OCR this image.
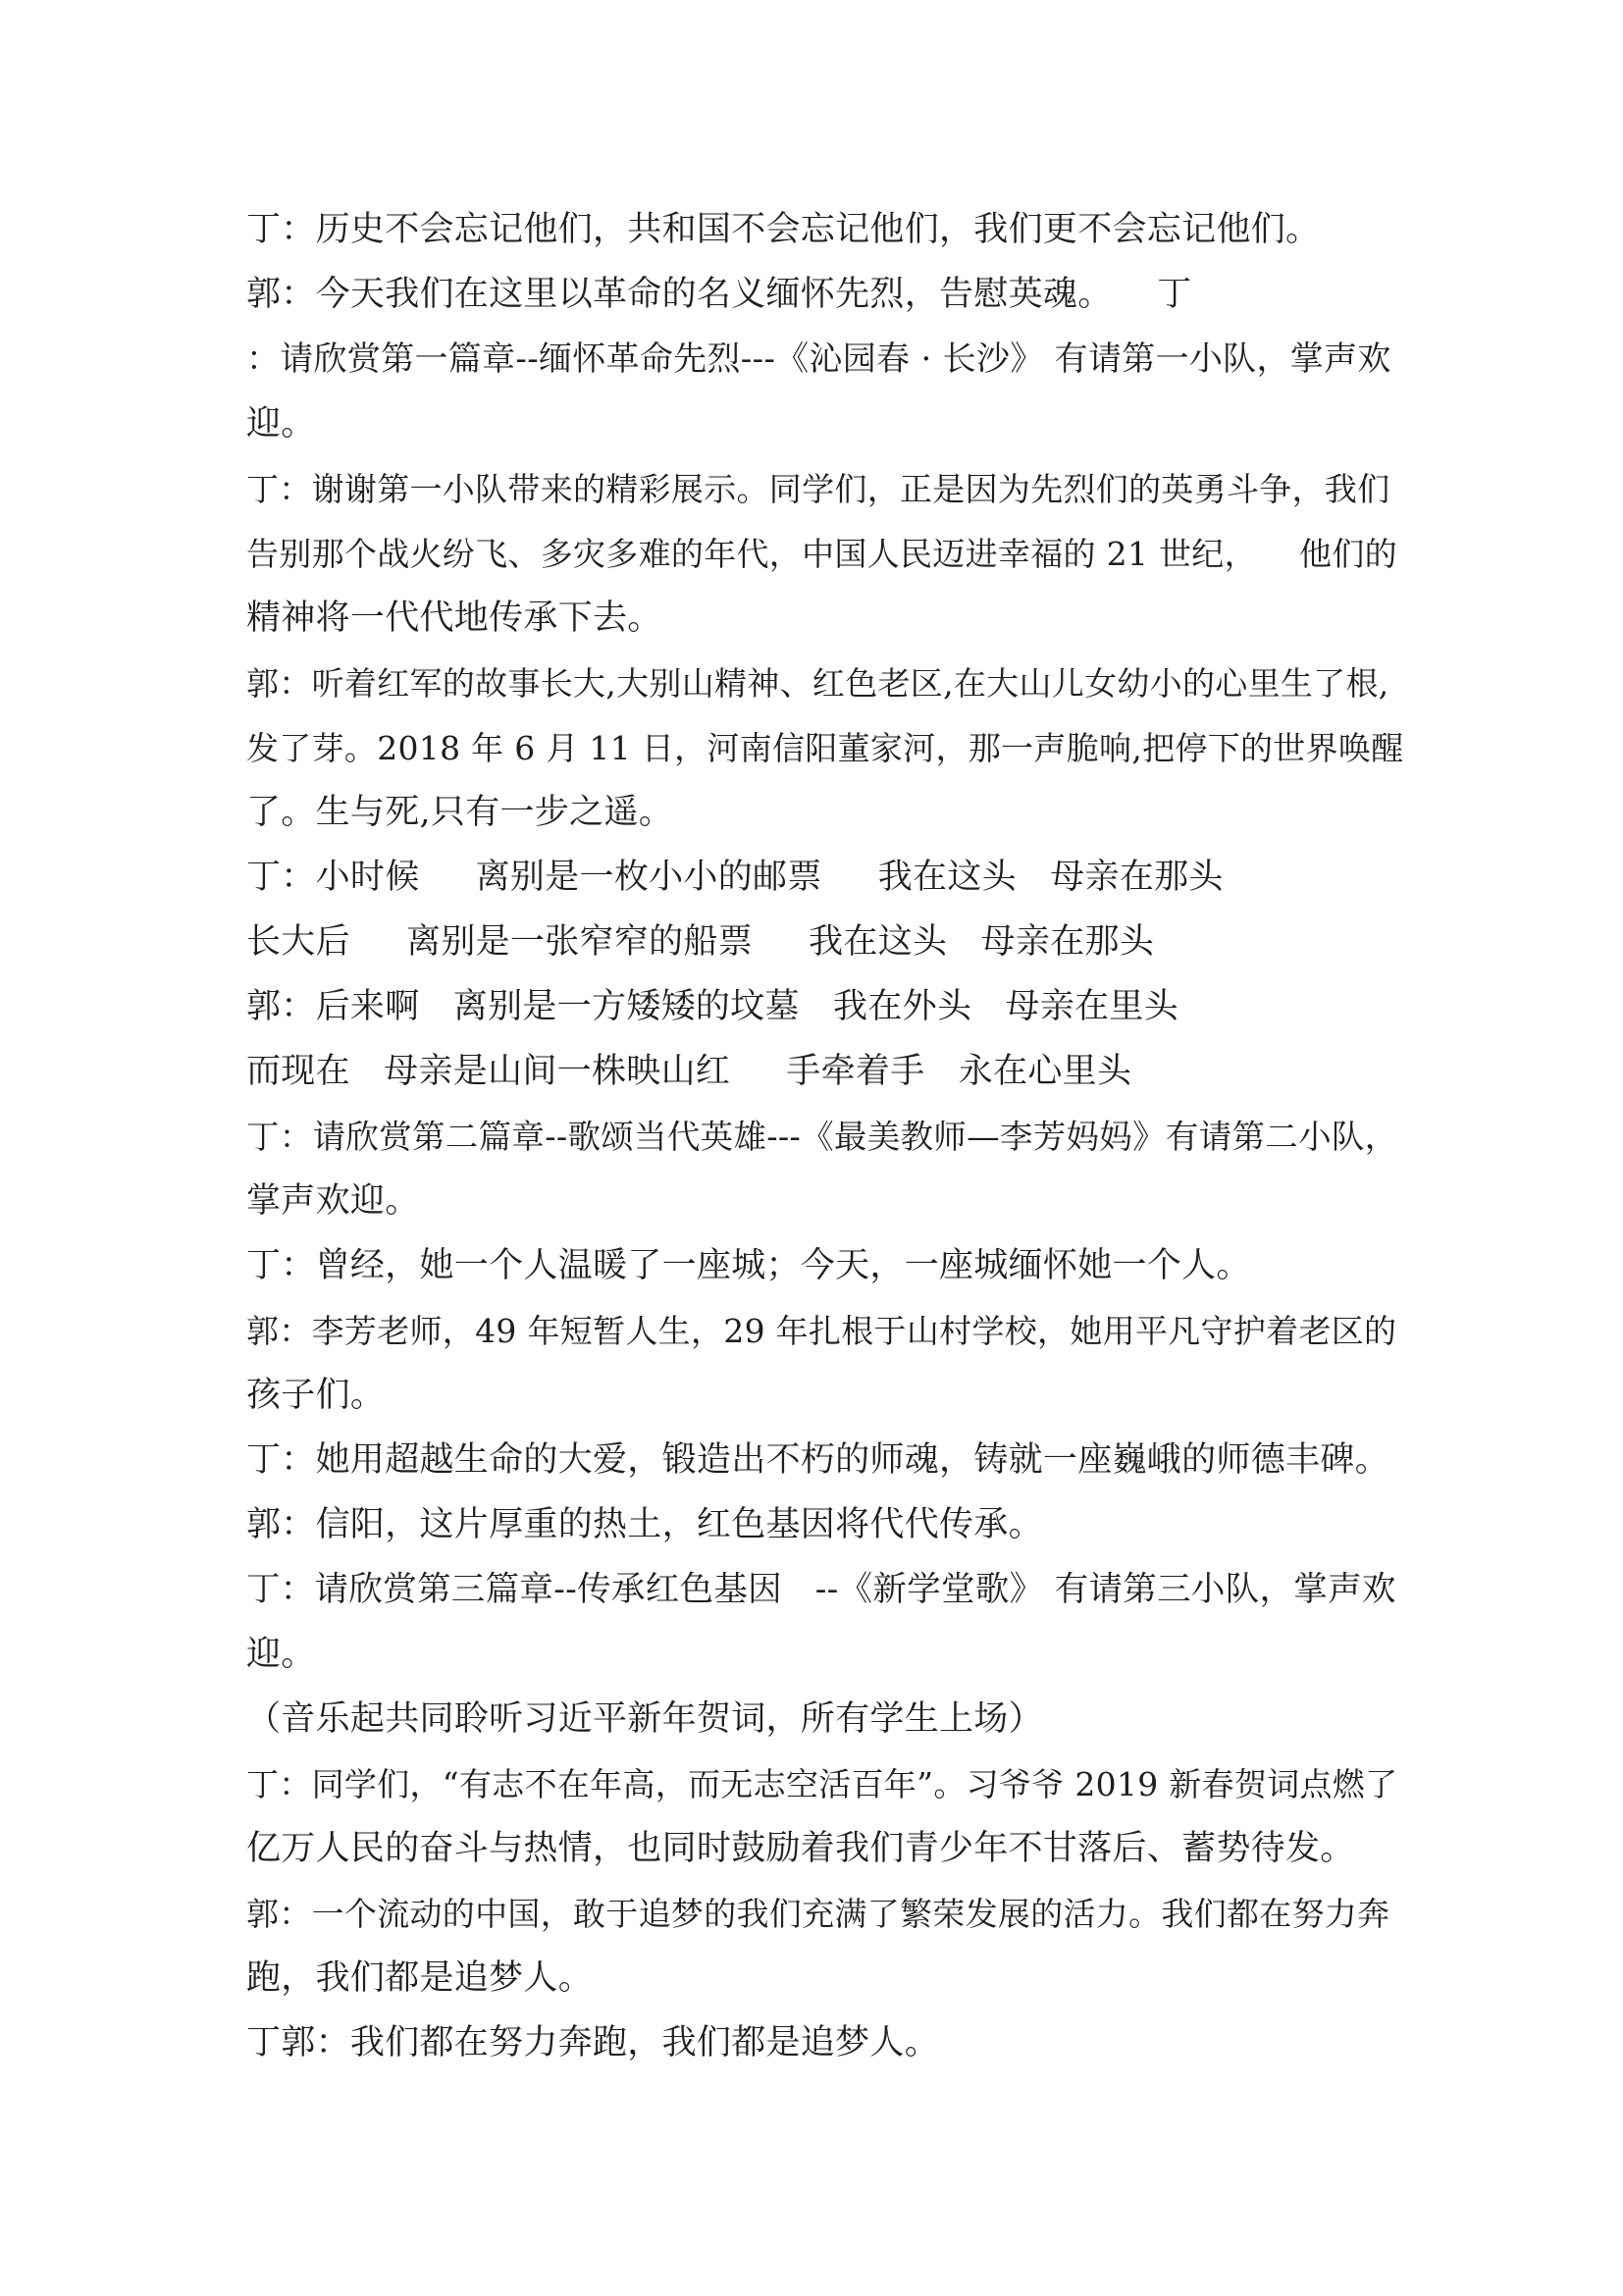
丁：历史不会忘记他们，共和国不会忘记他们，我们更不会忘记他们。
郭：今天我们在这里以革命的名义缅怀先烈，告慰英魂。    丁
：请欣赏第一篇章--缅怀革命先烈---《沁园春 · 长沙》 有请第一小队，掌声欢
迎。
丁：谢谢第一小队带来的精彩展示。同学们，正是因为先烈们的英勇斗争，我们
告别那个战火纷飞、多灾多难的年代，中国人民迈进幸福的 21 世纪，    他们的
精神将一代代地传承下去。
郭：听着红军的故事长大,大别山精神、红色老区,在大山儿女幼小的心里生了根,
发了芽。2018 年 6 月 11 日，河南信阳董家河，那一声脆响,把停下的世界唤醒
了。生与死,只有一步之遥。
丁：小时候     离别是一枚小小的邮票     我在这头   母亲在那头
长大后     离别是一张窄窄的船票     我在这头   母亲在那头
郭：后来啊   离别是一方矮矮的坟墓   我在外头   母亲在里头
而现在   母亲是山间一株映山红     手牵着手   永在心里头
丁：请欣赏第二篇章--歌颂当代英雄---《最美教师—李芳妈妈》有请第二小队，
掌声欢迎。
丁：曾经，她一个人温暖了一座城；今天，一座城缅怀她一个人。
郭：李芳老师，49 年短暂人生，29 年扎根于山村学校，她用平凡守护着老区的
孩子们。
丁：她用超越生命的大爱，锻造出不朽的师魂，铸就一座巍峨的师德丰碑。
郭：信阳，这片厚重的热土，红色基因将代代传承。
丁：请欣赏第三篇章--传承红色基因   --《新学堂歌》 有请第三小队，掌声欢
迎。
（音乐起共同聆听习近平新年贺词，所有学生上场）
丁：同学们，“有志不在年高，而无志空活百年”。习爷爷 2019 新春贺词点燃了
亿万人民的奋斗与热情，也同时鼓励着我们青少年不甘落后、蓄势待发。
郭：一个流动的中国，敢于追梦的我们充满了繁荣发展的活力。我们都在努力奔
跑，我们都是追梦人。
丁郭：我们都在努力奔跑，我们都是追梦人。
